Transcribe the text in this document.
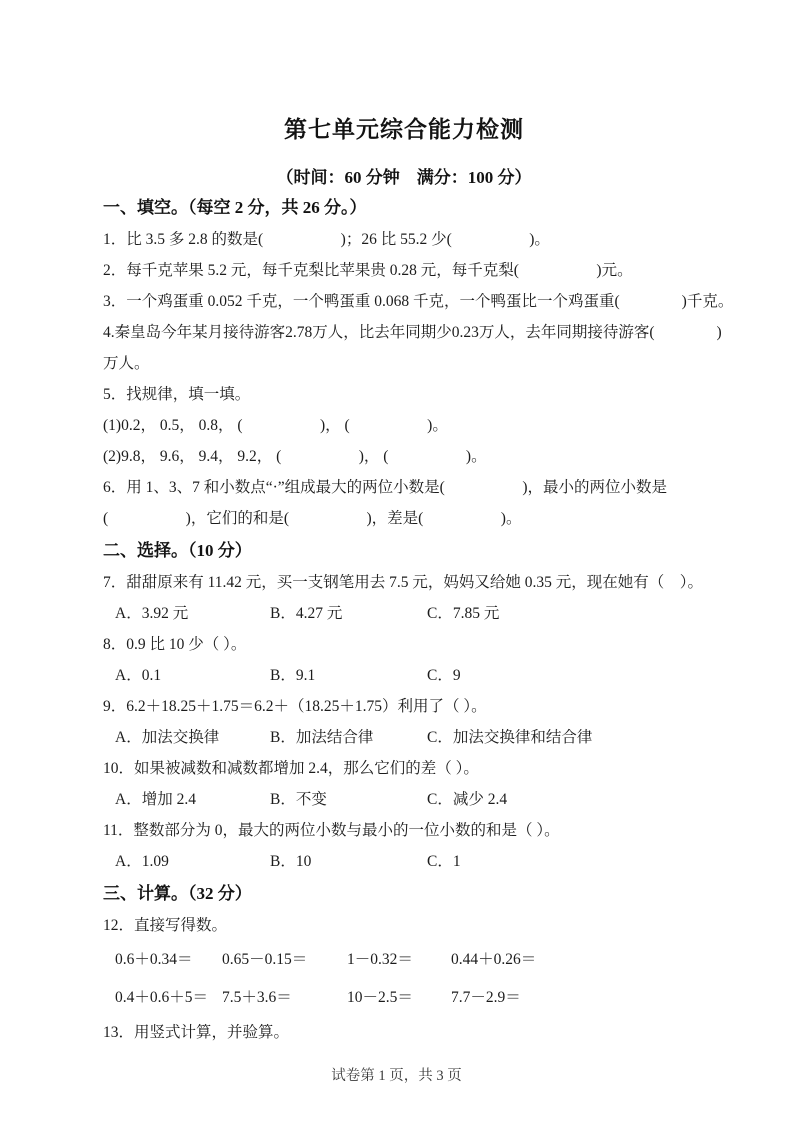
第七单元综合能力检测
（时间：60 分钟　满分：100 分）
一、填空。（每空 2 分，共 26 分。）
1．比 3.5 多 2.8 的数是(　　　　　)；26 比 55.2 少(　　　　　)。
2．每千克苹果 5.2 元，每千克梨比苹果贵 0.28 元，每千克梨(　　　　　)元。
3．一个鸡蛋重 0.052 千克，一个鸭蛋重 0.068 千克，一个鸭蛋比一个鸡蛋重(　　　　)千克。
4.秦皇岛今年某月接待游客2.78万人，比去年同期少0.23万人，去年同期接待游客(　　　　)
万人。
5．找规律，填一填。
(1)0.2， 0.5， 0.8， (　　　　　)， (　　　　　)。
(2)9.8， 9.6， 9.4， 9.2， (　　　　　)， (　　　　　)。
6．用 1、3、7 和小数点“·”组成最大的两位小数是(　　　　　)，最小的两位小数是
(　　　　　)，它们的和是(　　　　　)，差是(　　　　　)。
二、选择。（10 分）
7．甜甜原来有 11.42 元，买一支钢笔用去 7.5 元，妈妈又给她 0.35 元，现在她有（　）。
A．3.92 元	B．4.27 元	C．7.85 元
8．0.9 比 10 少（ ）。
A．0.1	B．9.1	C．9
9．6.2＋18.25＋1.75＝6.2＋（18.25＋1.75）利用了（ ）。
A．加法交换律	B．加法结合律	C．加法交换律和结合律
10．如果被减数和减数都增加 2.4，那么它们的差（ ）。
A．增加 2.4	B．不变	C．减少 2.4
11．整数部分为 0，最大的两位小数与最小的一位小数的和是（ ）。
A．1.09	B．10	C．1
三、计算。（32 分）
12．直接写得数。
0.6＋0.34＝	0.65－0.15＝	1－0.32＝	0.44＋0.26＝
0.4＋0.6＋5＝ 7.5＋3.6＝	10－2.5＝	7.7－2.9＝
13．用竖式计算，并验算。
试卷第 1 页，共 3 页
